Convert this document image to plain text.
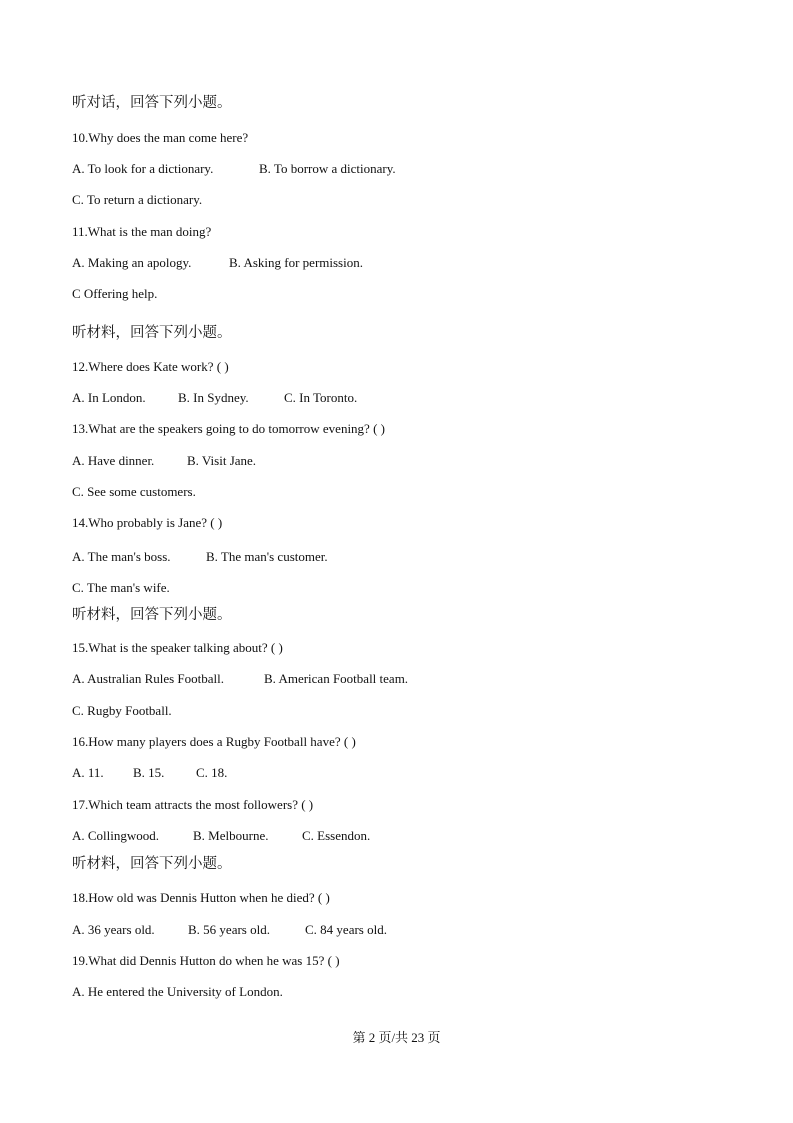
听对话，回答下列小题。
10.Why does the man come here?
A. To look for a dictionary.	B. To borrow a dictionary.
C. To return a dictionary.
11.What is the man doing?
A. Making an apology.	B. Asking for permission.
C Offering help.
听材料，回答下列小题。
12.Where does Kate work? ( )
A. In London. B. In Sydney.	C. In Toronto.
13.What are the speakers going to do tomorrow evening? ( )
A. Have dinner.	B. Visit Jane.
C. See some customers.
14.Who probably is Jane? ( )
A. The man's boss.	B. The man's customer.
C. The man's wife.
听材料，回答下列小题。
15.What is the speaker talking about? ( )
A. Australian Rules Football.	B. American Football team.
C. Rugby Football.
16.How many players does a Rugby Football have? ( )
A. 11. B. 15. C. 18.
17.Which team attracts the most followers? ( )
A. Collingwood.	B. Melbourne.	C. Essendon.
听材料，回答下列小题。
18.How old was Dennis Hutton when he died? ( )
A. 36 years old.	B. 56 years old.	C. 84 years old.
19.What did Dennis Hutton do when he was 15? ( )
A. He entered the University of London.
第 2 页/共 23 页
